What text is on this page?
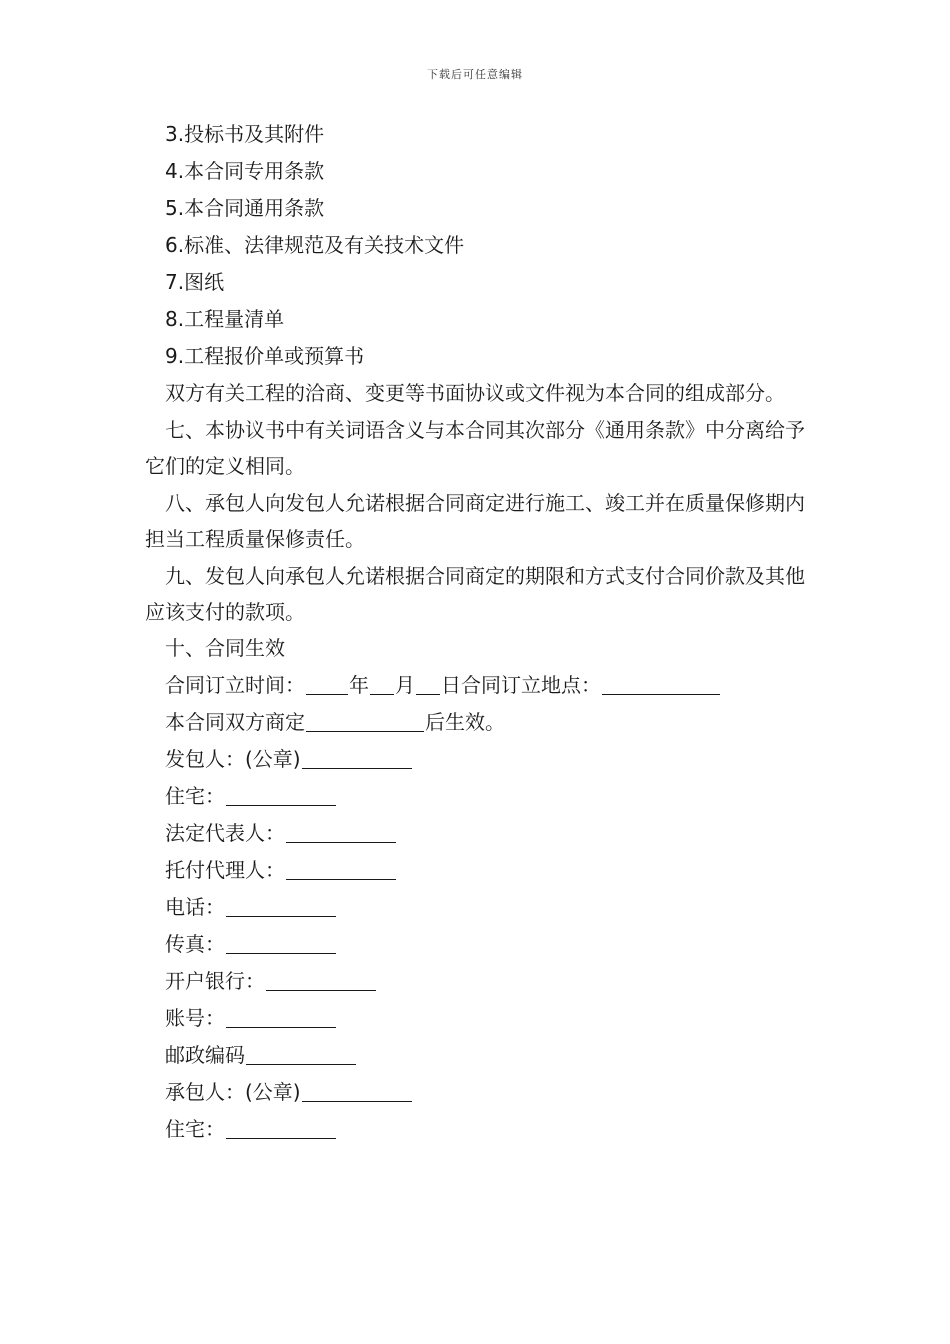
下载后可任意编辑
3.投标书及其附件
4.本合同专用条款
5.本合同通用条款
6.标准、法律规范及有关技术文件
7.图纸
8.工程量清单
9.工程报价单或预算书

双方有关工程的洽商、变更等书面协议或文件视为本合同的组成部分。

七、本协议书中有关词语含义与本合同其次部分《通用条款》中分离给予它们的定义相同。

八、承包人向发包人允诺根据合同商定进行施工、竣工并在质量保修期内担当工程质量保修责任。

九、发包人向承包人允诺根据合同商定的期限和方式支付合同价款及其他应该支付的款项。

十、合同生效
合同订立时间： 年 月 日合同订立地点：
本合同双方商定	后生效。
发包人：(公章)
住宅：
法定代表人：
托付代理人：
电话：
传真：
开户银行：
账号：
邮政编码
承包人：(公章)
住宅：
